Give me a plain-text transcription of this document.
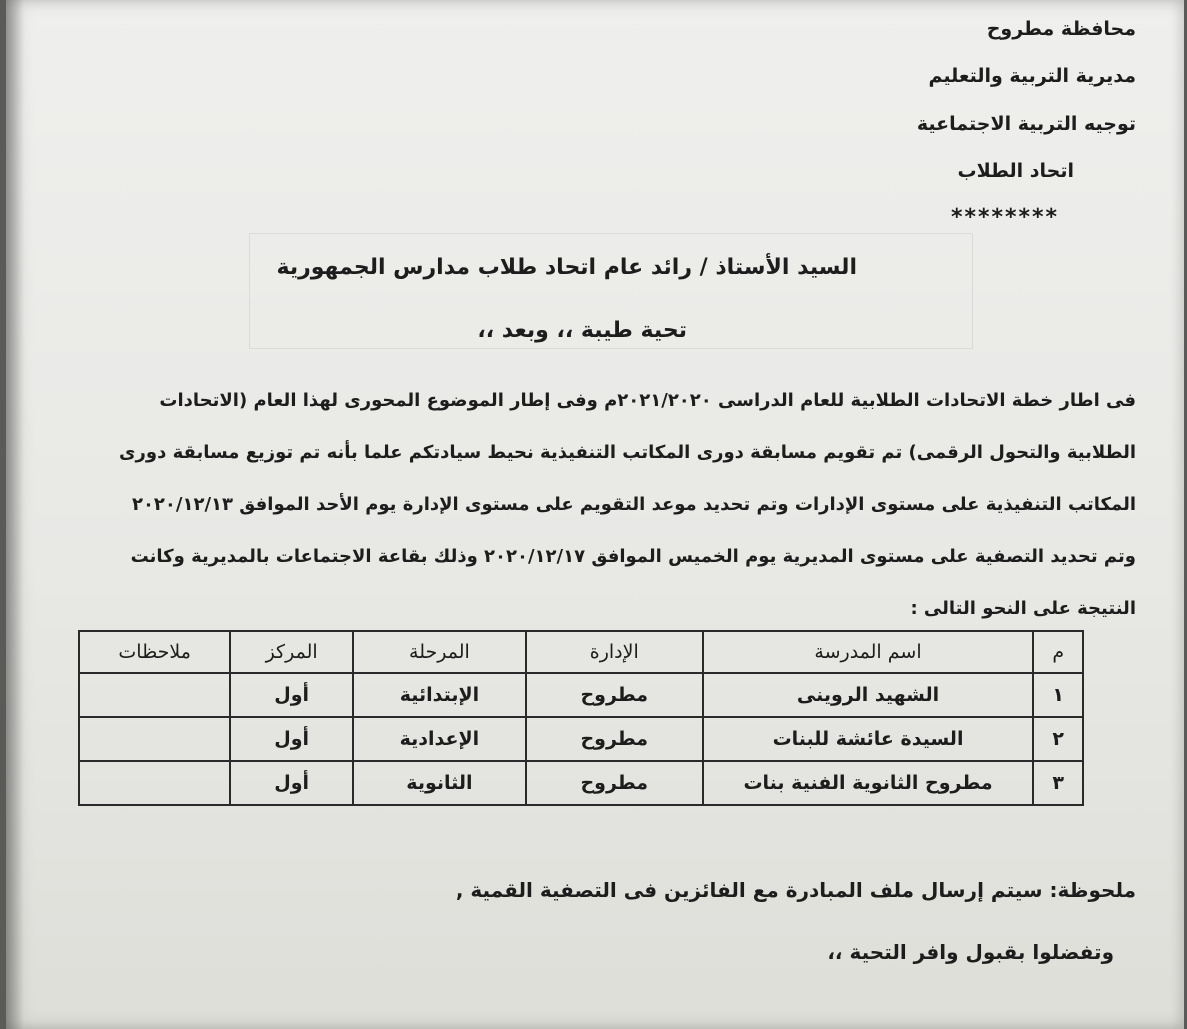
محافظة مطروح
مديرية التربية والتعليم
توجيه التربية الاجتماعية
اتحاد الطلاب
********
السيد الأستاذ / رائد عام اتحاد طلاب مدارس الجمهورية
تحية طيبة ،، وبعد ،،
فى اطار خطة الاتحادات الطلابية للعام الدراسى ٢٠٢١/٢٠٢٠م وفى إطار الموضوع المحورى لهذا العام (الاتحادات
الطلابية والتحول الرقمى) تم تقويم مسابقة دورى المكاتب التنفيذية نحيط سيادتكم علما بأنه تم توزيع مسابقة دورى
المكاتب التنفيذية على مستوى الإدارات وتم تحديد موعد التقويم على مستوى الإدارة يوم الأحد الموافق ٢٠٢٠/١٢/١٣
وتم تحديد التصفية على مستوى المديرية يوم الخميس الموافق ٢٠٢٠/١٢/١٧ وذلك بقاعة الاجتماعات بالمديرية وكانت
النتيجة على النحو التالى :
م	اسم المدرسة	الإدارة	المرحلة	المركز	ملاحظات
١	الشهيد الروينى	مطروح	الإبتدائية	أول	
٢	السيدة عائشة للبنات	مطروح	الإعدادية	أول	
٣	مطروح الثانوية الفنية بنات	مطروح	الثانوية	أول	
ملحوظة: سيتم إرسال ملف المبادرة مع الفائزين فى التصفية القمية ,
وتفضلوا بقبول وافر التحية ،،
